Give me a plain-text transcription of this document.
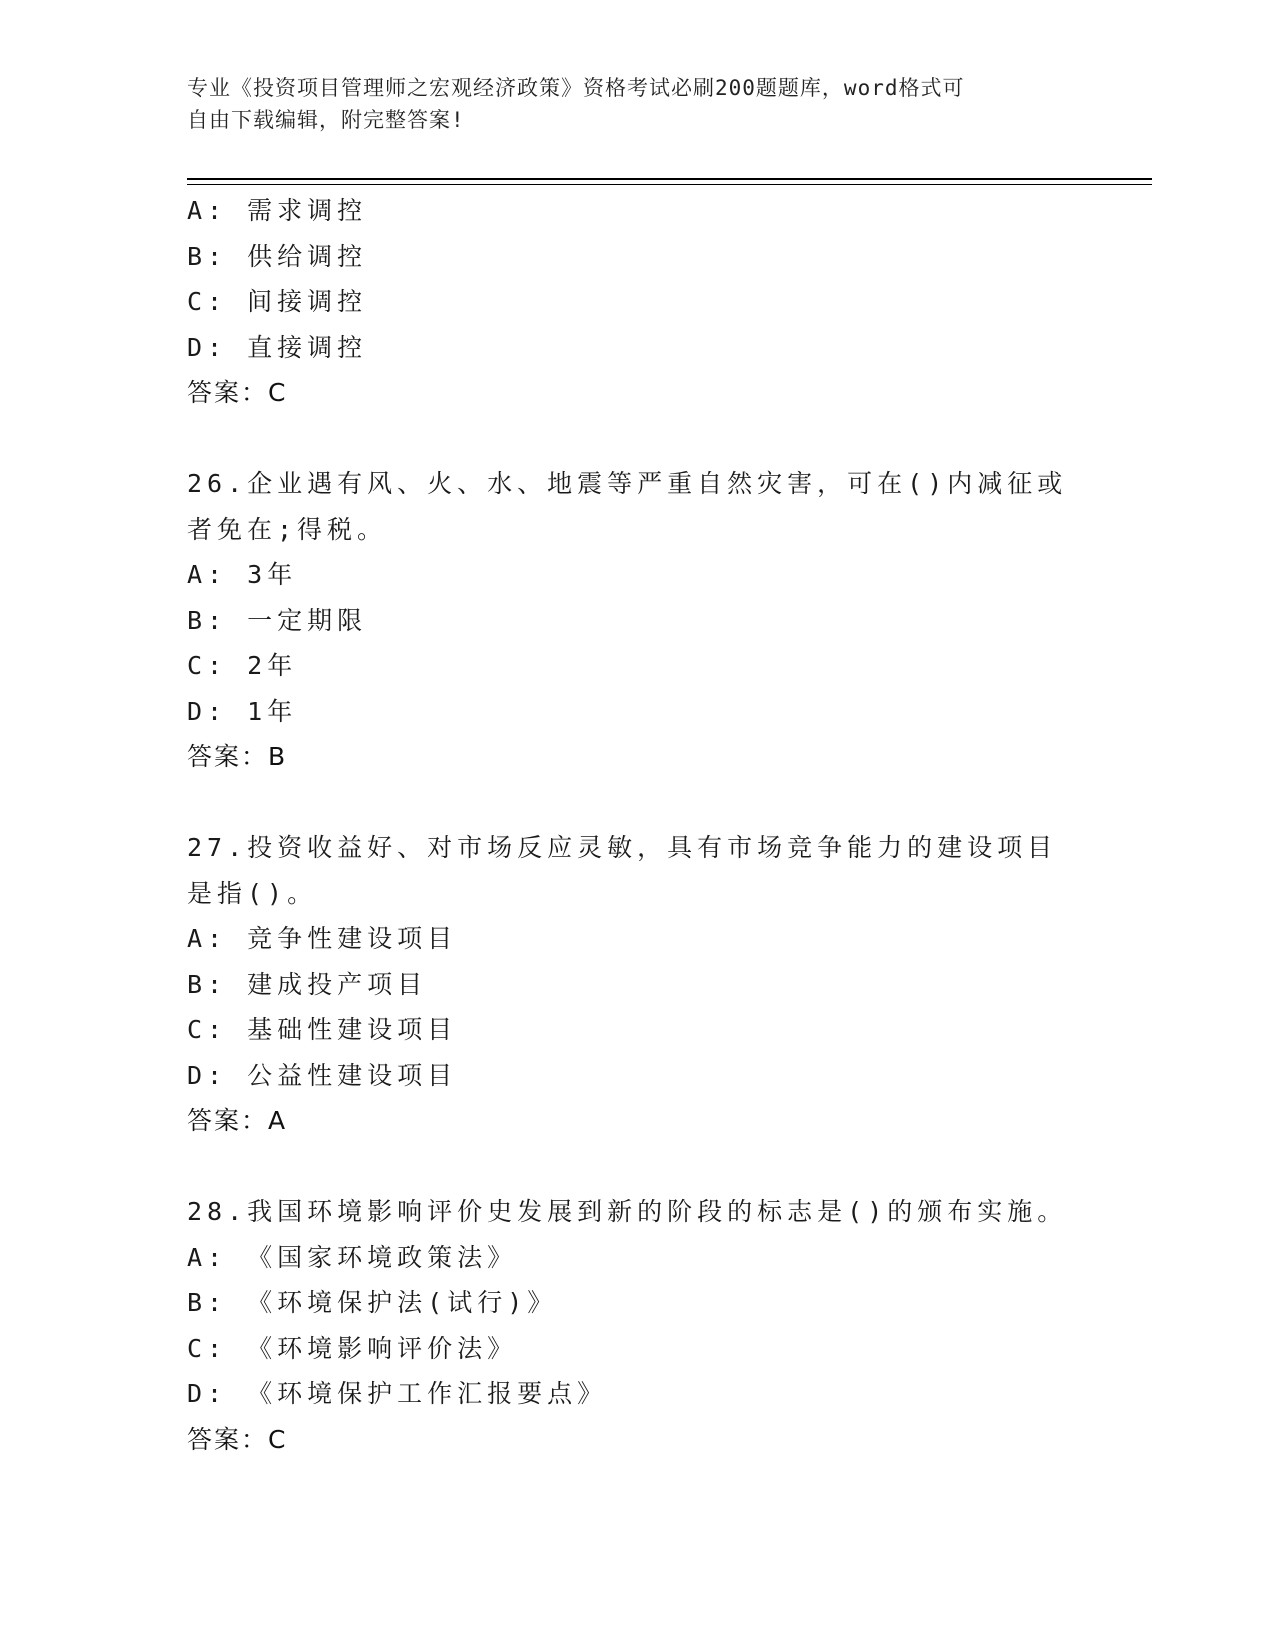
专业《投资项目管理师之宏观经济政策》资格考试必刷200题题库，word格式可
自由下载编辑，附完整答案!
A: 需求调控
B: 供给调控
C: 间接调控
D: 直接调控
答案：C
26.企业遇有风、火、水、地震等严重自然灾害，可在()内减征或者免在;得税。
A: 3年
B: 一定期限
C: 2年
D: 1年
答案：B
27.投资收益好、对市场反应灵敏，具有市场竞争能力的建设项目是指()。
A: 竞争性建设项目
B: 建成投产项目
C: 基础性建设项目
D: 公益性建设项目
答案：A
28.我国环境影响评价史发展到新的阶段的标志是()的颁布实施。
A: 《国家环境政策法》
B: 《环境保护法(试行)》
C: 《环境影响评价法》
D: 《环境保护工作汇报要点》
答案：C
